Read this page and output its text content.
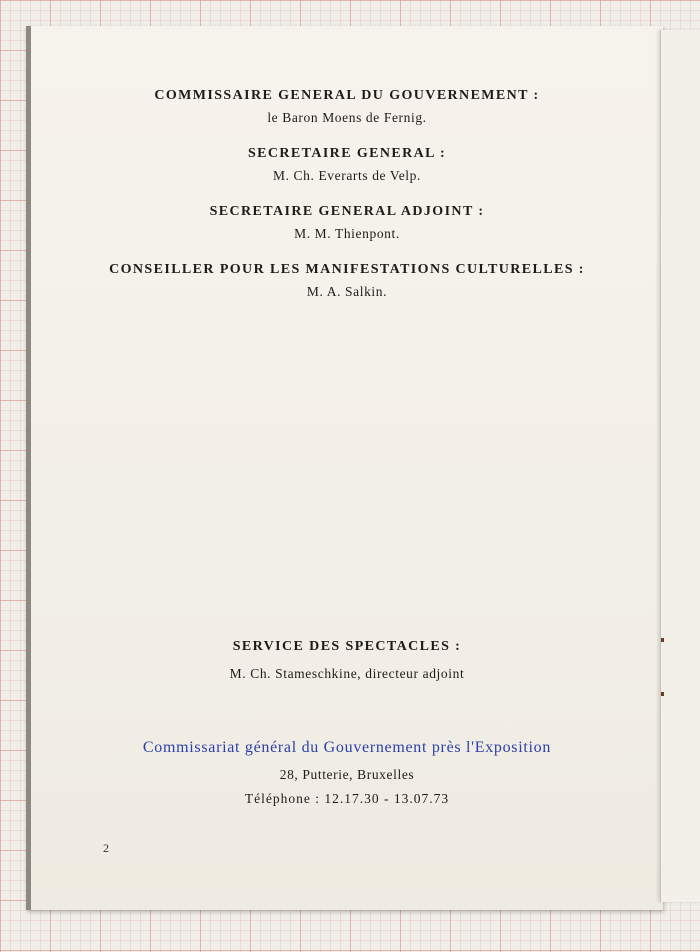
COMMISSAIRE GENERAL DU GOUVERNEMENT :
le Baron Moens de Fernig.
SECRETAIRE GENERAL :
M. Ch. Everarts de Velp.
SECRETAIRE GENERAL ADJOINT :
M. M. Thienpont.
CONSEILLER POUR LES MANIFESTATIONS CULTURELLES :
M. A. Salkin.
SERVICE DES SPECTACLES :
M. Ch. Stameschkine, directeur adjoint
Commissariat général du Gouvernement près l'Exposition
28, Putterie, Bruxelles
Téléphone : 12.17.30 - 13.07.73
2
